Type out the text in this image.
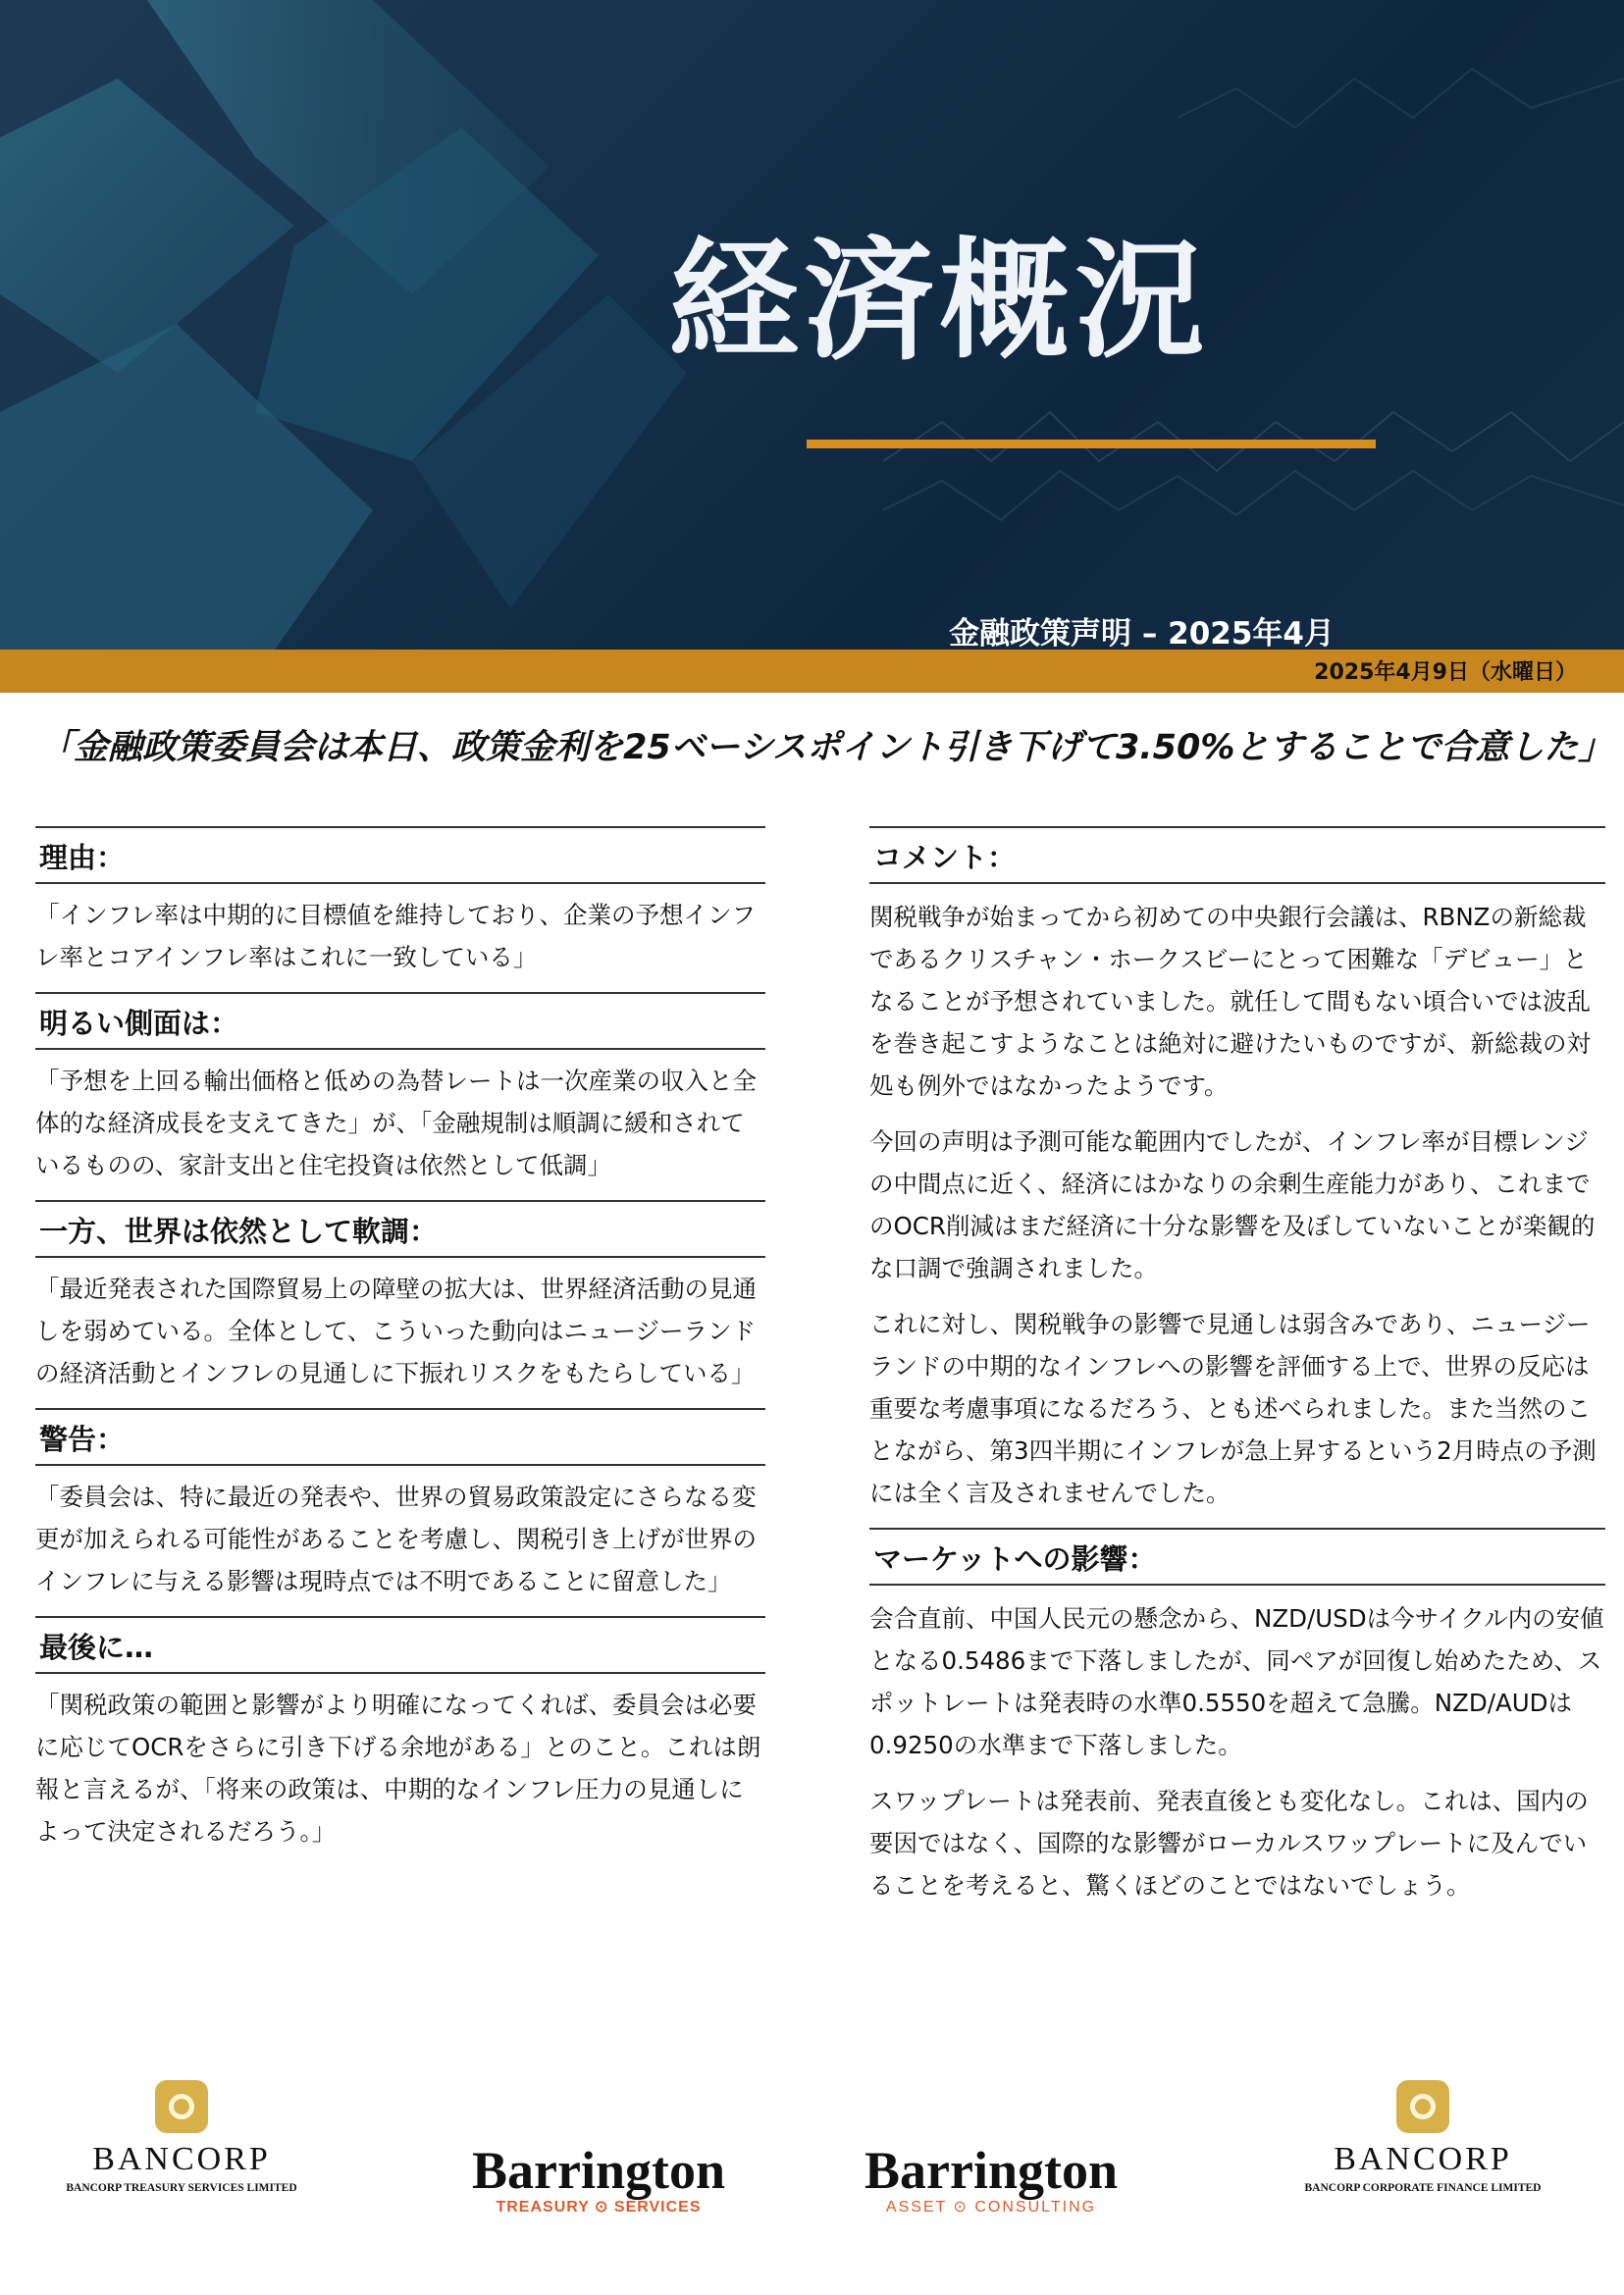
経済概況
金融政策声明 – 2025年4月
2025年4月9日（水曜日）
「金融政策委員会は本日、政策金利を25ベーシスポイント引き下げて3.50%とすることで合意した」
理由：
「インフレ率は中期的に目標値を維持しており、企業の予想インフレ率とコアインフレ率はこれに一致している」
明るい側面は：
「予想を上回る輸出価格と低めの為替レートは一次産業の収入と全体的な経済成長を支えてきた」が、「金融規制は順調に緩和されているものの、家計支出と住宅投資は依然として低調」
一方、世界は依然として軟調：
「最近発表された国際貿易上の障壁の拡大は、世界経済活動の見通しを弱めている。全体として、こういった動向はニュージーランドの経済活動とインフレの見通しに下振れリスクをもたらしている」
警告：
「委員会は、特に最近の発表や、世界の貿易政策設定にさらなる変更が加えられる可能性があることを考慮し、関税引き上げが世界のインフレに与える影響は現時点では不明であることに留意した」
最後に…
「関税政策の範囲と影響がより明確になってくれば、委員会は必要に応じてOCRをさらに引き下げる余地がある」とのこと。これは朗報と言えるが、「将来の政策は、中期的なインフレ圧力の見通しによって決定されるだろう。」
コメント：
関税戦争が始まってから初めての中央銀行会議は、RBNZの新総裁であるクリスチャン・ホークスビーにとって困難な「デビュー」となることが予想されていました。就任して間もない頃合いでは波乱を巻き起こすようなことは絶対に避けたいものですが、新総裁の対処も例外ではなかったようです。
今回の声明は予測可能な範囲内でしたが、インフレ率が目標レンジの中間点に近く、経済にはかなりの余剰生産能力があり、これまでのOCR削減はまだ経済に十分な影響を及ぼしていないことが楽観的な口調で強調されました。
これに対し、関税戦争の影響で見通しは弱含みであり、ニュージーランドの中期的なインフレへの影響を評価する上で、世界の反応は重要な考慮事項になるだろう、とも述べられました。また当然のことながら、第3四半期にインフレが急上昇するという2月時点の予測には全く言及されませんでした。
マーケットへの影響：
会合直前、中国人民元の懸念から、NZD/USDは今サイクル内の安値となる0.5486まで下落しましたが、同ペアが回復し始めたため、スポットレートは発表時の水準0.5550を超えて急騰。NZD/AUDは0.9250の水準まで下落しました。
スワップレートは発表前、発表直後とも変化なし。これは、国内の要因ではなく、国際的な影響がローカルスワップレートに及んでいることを考えると、驚くほどのことではないでしょう。
BANCORP
BANCORP TREASURY SERVICES LIMITED	Barrington
TREASURY ⊙ SERVICES
Barrington
ASSET ⊙ CONSULTING
BANCORP
BANCORP CORPORATE FINANCE LIMITED
